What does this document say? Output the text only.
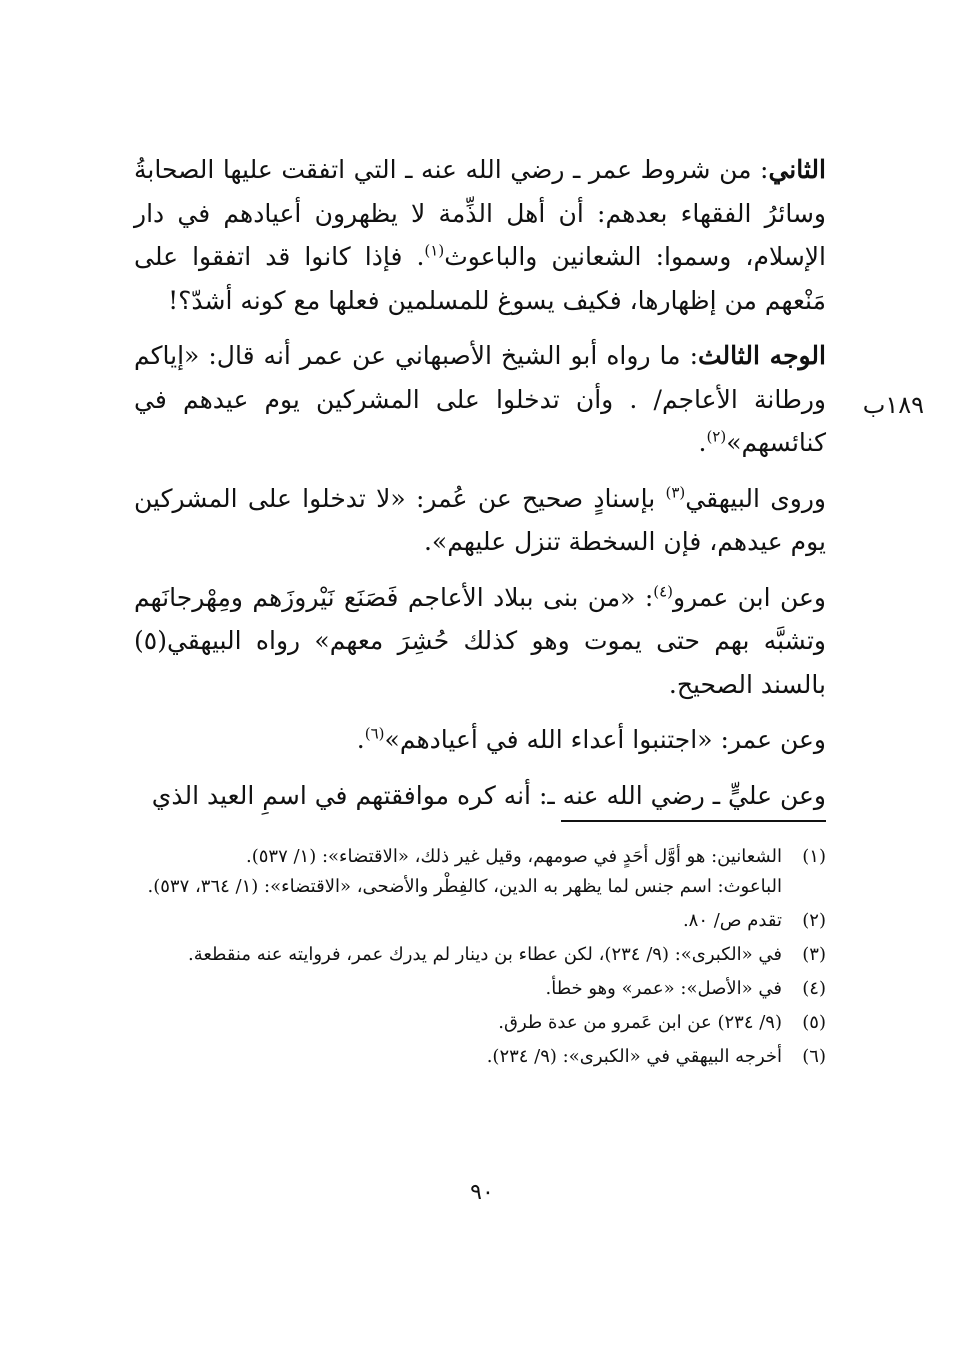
الثاني: من شروط عمر ـ رضي الله عنه ـ التي اتفقت عليها الصحابةُ وسائرُ الفقهاء بعدهم: أن أهل الذِّمة لا يظهرون أعيادهم في دار الإسلام، وسموا: الشعانين والباعوث$^{(١)}$. فإذا كانوا قد اتفقوا على مَنْعهم من إظهارها، فكيف يسوغ للمسلمين فعلها مع كونه أشدّ؟!

الوجه الثالث: ما رواه أبو الشيخ الأصبهاني عن عمر أنه قال: «إياكم ورطانة الأعاجم/ . وأن تدخلوا على المشركين يوم عيدهم في كنائسهم»$^{(٢)}$.

وروى البيهقي$^{(٣)}$ بإسنادٍ صحيح عن عُمر: «لا تدخلوا على المشركين يوم عيدهم، فإن السخطة تنزل عليهم».

وعن ابن عمرو$^{(٤)}$: «من بنى ببلاد الأعاجم فَصَنَع نَيْروزَهم ومِهْرجانَهم وتشبَّه بهم حتى يموت وهو كذلك حُشِرَ معهم» رواه البيهقي(٥) بالسند الصحيح.

وعن عمر: «اجتنبوا أعداء الله في أعيادهم»$^{(٦)}$.

وعن عليٍّ ـ رضي الله عنه ـ: أنه كره موافقتهم في اسمِ العيد الذي

١٨٩ب
(١)
الشعانين: هو أوَّل أحَدٍ في صومهم، وقيل غير ذلك، «الاقتضاء»: (١/ ٥٣٧).
الباعوث: اسم جنس لما يظهر به الدين، كالفِطْر والأضحى، «الاقتضاء»: (١/ ٣٦٤، ٥٣٧).
(٢)
تقدم ص/ ٨٠.
(٣)
في «الكبرى»: (٩/ ٢٣٤)، لكن عطاء بن دينار لم يدرك عمر، فروايته عنه منقطعة.
(٤)
في «الأصل»: «عمر» وهو خطأ.
(٥)
(٩/ ٢٣٤) عن ابن عَمرو من عدة طرق.
(٦)
أخرجه البيهقي في «الكبرى»: (٩/ ٢٣٤).
٩٠
